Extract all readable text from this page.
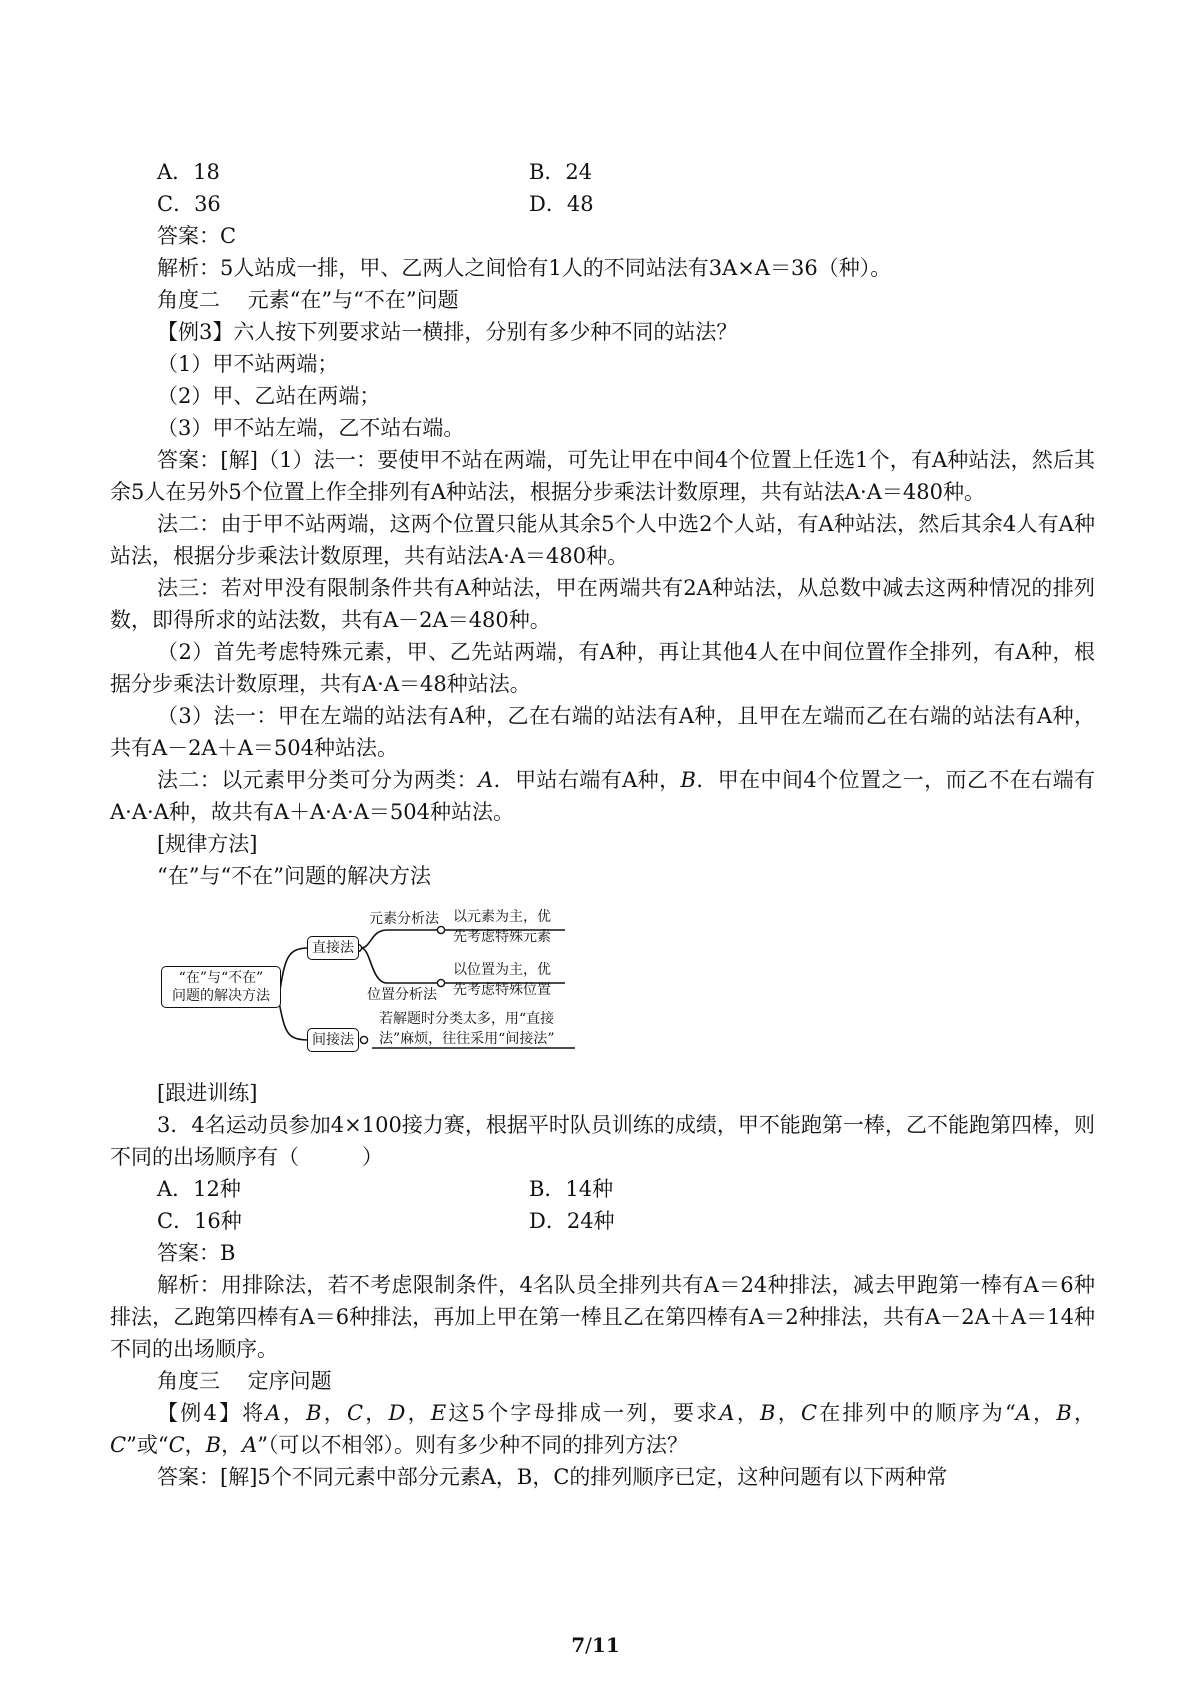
A．18	B．24
C．36	D．48

答案：C

解析：5人站成一排，甲、乙两人之间恰有1人的不同站法有3A×A＝36（种）。

角度二　 元素“在”与“不在”问题

【例3】六人按下列要求站一横排，分别有多少种不同的站法？

（1）甲不站两端；

（2）甲、乙站在两端；

（3）甲不站左端，乙不站右端。

答案：[解]（1）法一：要使甲不站在两端，可先让甲在中间4个位置上任选1个，有A种站法，然后其余5人在另外5个位置上作全排列有A种站法，根据分步乘法计数原理，共有站法A·A＝480种。

法二：由于甲不站两端，这两个位置只能从其余5个人中选2个人站，有A种站法，然后其余4人有A种站法，根据分步乘法计数原理，共有站法A·A＝480种。

法三：若对甲没有限制条件共有A种站法，甲在两端共有2A种站法，从总数中减去这两种情况的排列数，即得所求的站法数，共有A－2A＝480种。

（2）首先考虑特殊元素，甲、乙先站两端，有A种，再让其他4人在中间位置作全排列，有A种，根据分步乘法计数原理，共有A·A＝48种站法。

（3）法一：甲在左端的站法有A种，乙在右端的站法有A种，且甲在左端而乙在右端的站法有A种，共有A－2A＋A＝504种站法。

法二：以元素甲分类可分为两类：A．甲站右端有A种，B．甲在中间4个位置之一，而乙不在右端有A·A·A种，故共有A＋A·A·A＝504种站法。

[规律方法]

“在”与“不在”问题的解决方法

“在”与“不在”
问题的解决方法
直接法
间接法
元素分析法
位置分析法
以元素为主，优
先考虑特殊元素
以位置为主，优
先考虑特殊位置
若解题时分类太多，用“直接
法”麻烦，往往采用“间接法”

[跟进训练]

3．4名运动员参加4×100接力赛，根据平时队员训练的成绩，甲不能跑第一棒，乙不能跑第四棒，则不同的出场顺序有（　　　）

A．12种	B．14种
C．16种	D．24种

答案：B

解析：用排除法，若不考虑限制条件，4名队员全排列共有A＝24种排法，减去甲跑第一棒有A＝6种排法，乙跑第四棒有A＝6种排法，再加上甲在第一棒且乙在第四棒有A＝2种排法，共有A－2A＋A＝14种不同的出场顺序。

角度三　 定序问题

【例4】将A，B，C，D，E这5个字母排成一列，要求A，B，C在排列中的顺序为“A，B，C”或“C，B，A”（可以不相邻）。则有多少种不同的排列方法？

答案：[解]5个不同元素中部分元素A，B，C的排列顺序已定，这种问题有以下两种常

7/11
